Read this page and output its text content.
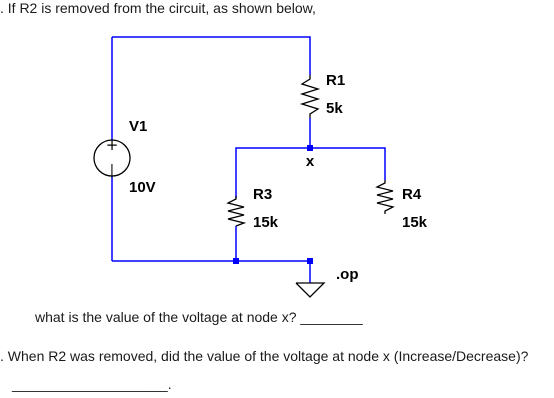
. If R2 is removed from the circuit, as shown below,
+
|
V1
10V
R1
5k
R3
15k
R4
15k
x
.op
what is the value of the voltage at node x? ________
. When R2 was removed, did the value of the voltage at node x (Increase/Decrease)?
____________________.
